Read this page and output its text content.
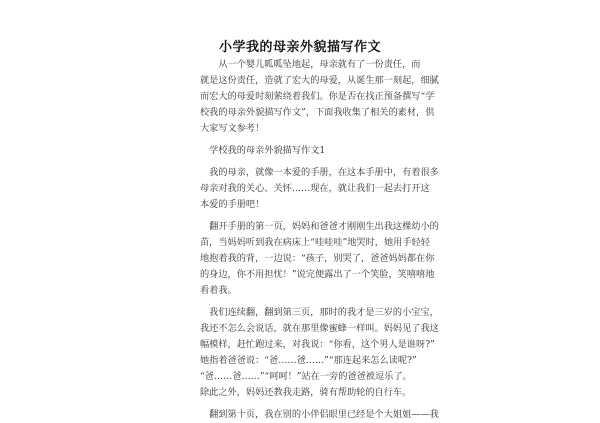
小学我的母亲外貌描写作文
　　从一个婴儿呱呱坠地起，母亲就有了一份责任，而
就是这份责任，造就了宏大的母爱，从诞生那一刻起，细腻
而宏大的母爱时刻萦绕着我们。你是否在找正预备撰写“学
校我的母亲外貌描写作文”，下面我收集了相关的素材，供
大家写文参考！
　学校我的母亲外貌描写作文1
　我的母亲，就像一本爱的手册，在这本手册中，有着很多
母亲对我的关心、关怀……现在，就让我们一起去打开这
本爱的手册吧！
　翻开手册的第一页，妈妈和爸爸才刚刚生出我这棵幼小的
苗，当妈妈听到我在病床上“哇哇哇”地哭时，她用手轻轻
地抱着我的背，一边说：“孩子，别哭了，爸爸妈妈都在你
的身边，你不用担忧！”说完便露出了一个笑脸，笑嘻嘻地
看着我。
　我们连续翻，翻到第三页，那时的我才是三岁的小宝宝，
我还不怎么会说话，就在那里像蜜蜂一样叫。妈妈见了我这
幅模样，赶忙跑过来，对我说：“你看，这个男人是谁呀?”
她指着爸爸说：“爸……爸……”“那连起来怎么读呢?”
“爸……爸……”“呵呵！”站在一旁的爸爸被逗乐了。
除此之外，妈妈还教我走路，骑有帮助轮的自行车。
　翻到第十页，我在别的小伴侣眼里已经是个大姐姐——我
